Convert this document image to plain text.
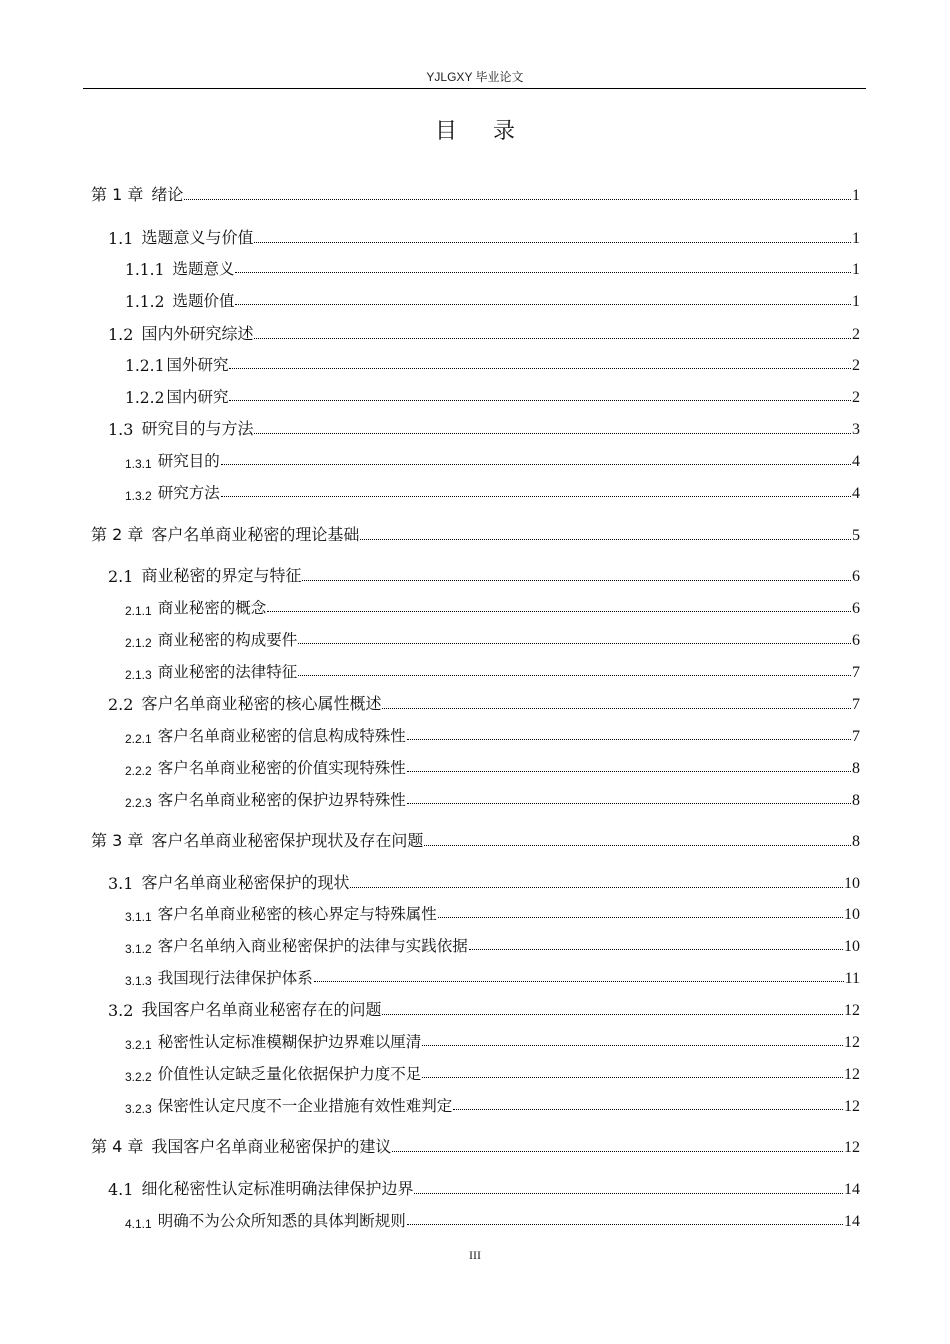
YJLGXY 毕业论文
目录
第 1 章 绪论	1
1.1 选题意义与价值	1
1.1.1 选题意义	1
1.1.2 选题价值	1
1.2 国内外研究综述	2
1.2.1 国外研究	2
1.2.2 国内研究	2
1.3 研究目的与方法	3
1.3.1 研究目的	4
1.3.2 研究方法	4
第 2 章 客户名单商业秘密的理论基础	5
2.1 商业秘密的界定与特征	6
2.1.1 商业秘密的概念	6
2.1.2 商业秘密的构成要件	6
2.1.3 商业秘密的法律特征	7
2.2 客户名单商业秘密的核心属性概述	7
2.2.1 客户名单商业秘密的信息构成特殊性	7
2.2.2 客户名单商业秘密的价值实现特殊性	8
2.2.3 客户名单商业秘密的保护边界特殊性	8
第 3 章 客户名单商业秘密保护现状及存在问题	8
3.1 客户名单商业秘密保护的现状	10
3.1.1 客户名单商业秘密的核心界定与特殊属性	10
3.1.2 客户名单纳入商业秘密保护的法律与实践依据	10
3.1.3 我国现行法律保护体系	11
3.2 我国客户名单商业秘密存在的问题	12
3.2.1 秘密性认定标准模糊保护边界难以厘清	12
3.2.2 价值性认定缺乏量化依据保护力度不足	12
3.2.3 保密性认定尺度不一企业措施有效性难判定	12
第 4 章 我国客户名单商业秘密保护的建议	12
4.1 细化秘密性认定标准明确法律保护边界	14
4.1.1 明确不为公众所知悉的具体判断规则	14
III
